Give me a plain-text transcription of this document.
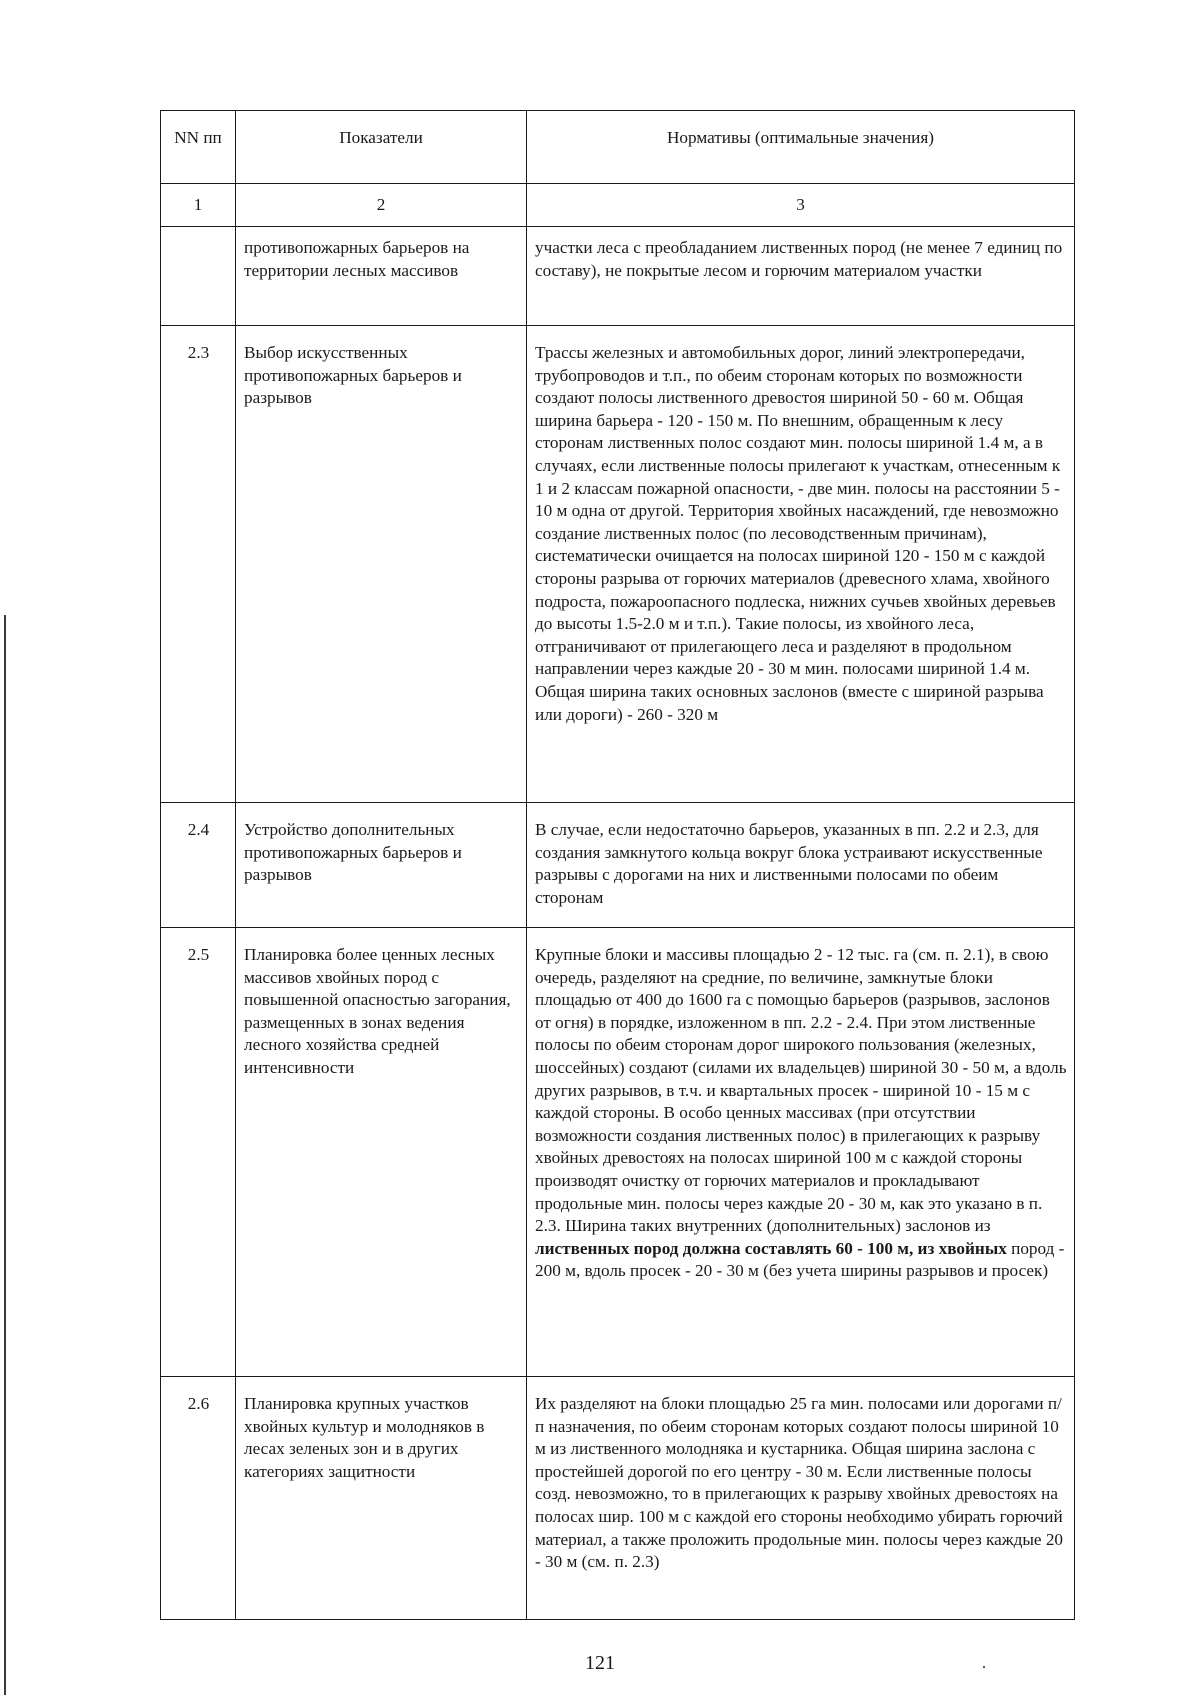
NN пп	Показатели	Нормативы (оптимальные значения)
1	2	3
	противопожарных барьеров на территории лесных массивов	участки леса с преобладанием лиственных пород (не менее 7 единиц по составу), не покрытые лесом и горючим материалом участки
2.3	Выбор искусственных противопожарных барьеров и разрывов	Трассы железных и автомобильных дорог, линий электропередачи, трубопроводов и т.п., по обеим сторонам которых по возможности создают полосы лиственного древостоя шириной 50 - 60 м. Общая ширина барьера - 120 - 150 м. По внешним, обращенным к лесу сторонам лиственных полос создают мин. полосы шириной 1.4 м, а в случаях, если лиственные полосы прилегают к участкам, отнесенным к 1 и 2 классам пожарной опасности, - две мин. полосы на расстоянии 5 - 10 м одна от другой. Территория хвойных насаждений, где невозможно создание лиственных полос (по лесоводственным причинам), систематически очищается на полосах шириной 120 - 150 м с каждой стороны разрыва от горючих материалов (древесного хлама, хвойного подроста, пожароопасного подлеска, нижних сучьев хвойных деревьев до высоты 1.5-2.0 м и т.п.). Такие полосы, из хвойного леса, отграничивают от прилегающего леса и разделяют в продольном направлении через каждые 20 - 30 м мин. полосами шириной 1.4 м. Общая ширина таких основных заслонов (вместе с шириной разрыва или дороги) - 260 - 320 м
2.4	Устройство дополнительных противопожарных барьеров и разрывов	В случае, если недостаточно барьеров, указанных в пп. 2.2 и 2.3, для создания замкнутого кольца вокруг блока устраивают искусственные разрывы с дорогами на них и лиственными полосами по обеим сторонам
2.5	Планировка более ценных лесных массивов хвойных пород с повышенной опасностью загорания, размещенных в зонах ведения лесного хозяйства средней интенсивности	Крупные блоки и массивы площадью 2 - 12 тыс. га (см. п. 2.1), в свою очередь, разделяют на средние, по величине, замкнутые блоки площадью от 400 до 1600 га с помощью барьеров (разрывов, заслонов от огня) в порядке, изложенном в пп. 2.2 - 2.4. При этом лиственные полосы по обеим сторонам дорог широкого пользования (железных, шоссейных) создают (силами их владельцев) шириной 30 - 50 м, а вдоль других разрывов, в т.ч. и квартальных просек - шириной 10 - 15 м с каждой стороны. В особо ценных массивах (при отсутствии возможности создания лиственных полос) в прилегающих к разрыву хвойных древостоях на полосах шириной 100 м с каждой стороны производят очистку от горючих материалов и прокладывают продольные мин. полосы через каждые 20 - 30 м, как это указано в п. 2.3. Ширина таких внутренних (дополнительных) заслонов из лиственных пород должна составлять 60 - 100 м, из хвойных пород - 200 м, вдоль просек - 20 - 30 м (без учета ширины разрывов и просек)
2.6	Планировка крупных участков хвойных культур и молодняков в лесах зеленых зон и в других категориях защитности	Их разделяют на блоки площадью 25 га мин. полосами или дорогами п/п назначения, по обеим сторонам которых создают полосы шириной 10 м из лиственного молодняка и кустарника. Общая ширина заслона с простейшей дорогой по его центру - 30 м. Если лиственные полосы созд. невозможно, то в прилегающих к разрыву хвойных древостоях на полосах шир. 100 м с каждой его стороны необходимо убирать горючий материал, а также проложить продольные мин. полосы через каждые 20 - 30 м (см. п. 2.3)
121
